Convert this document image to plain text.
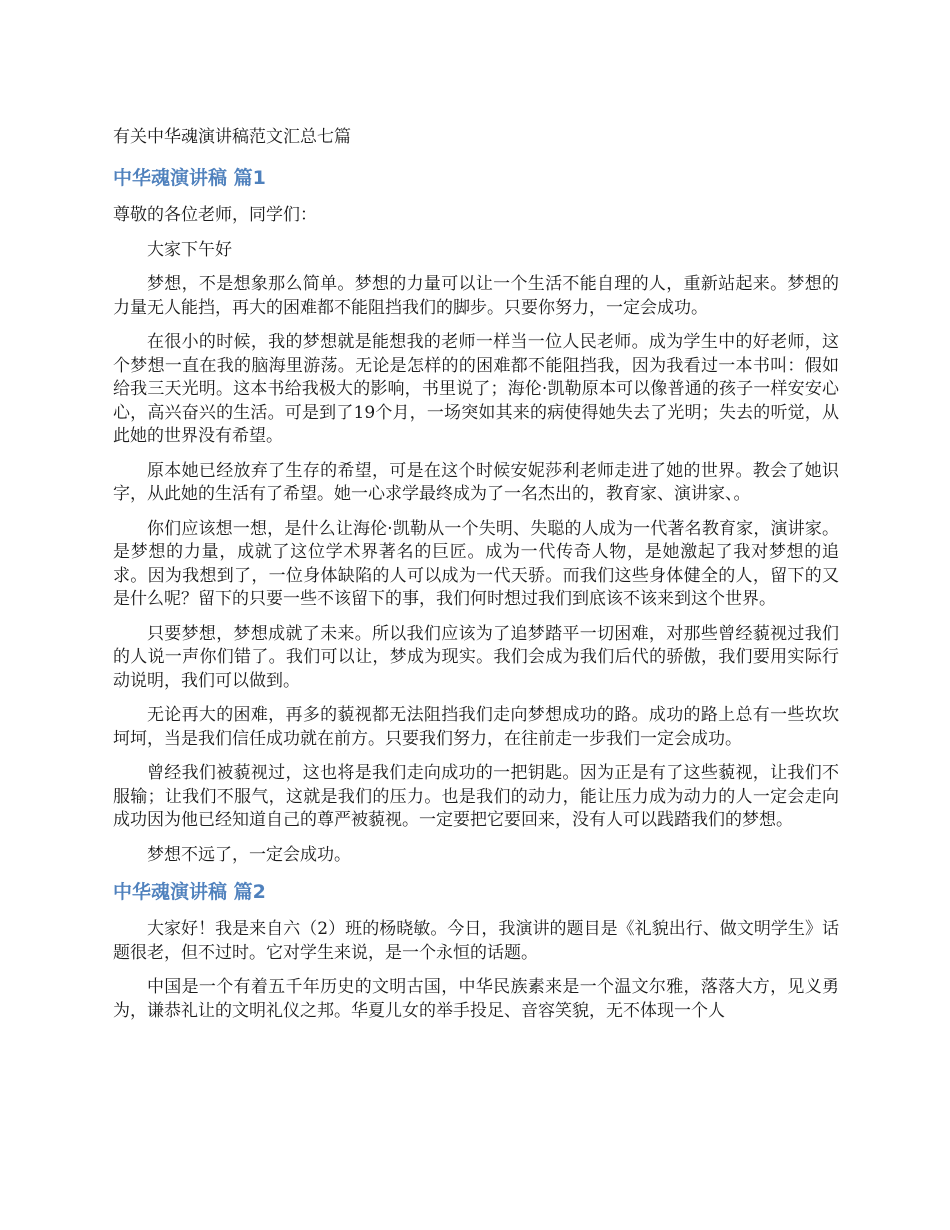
有关中华魂演讲稿范文汇总七篇
中华魂演讲稿 篇1

尊敬的各位老师，同学们：

大家下午好

梦想，不是想象那么简单。梦想的力量可以让一个生活不能自理的人，重新站起来。梦想的力量无人能挡，再大的困难都不能阻挡我们的脚步。只要你努力，一定会成功。

在很小的时候，我的梦想就是能想我的老师一样当一位人民老师。成为学生中的好老师，这个梦想一直在我的脑海里游荡。无论是怎样的的困难都不能阻挡我，因为我看过一本书叫：假如给我三天光明。这本书给我极大的影响，书里说了；海伦·凯勒原本可以像普通的孩子一样安安心心，高兴奋兴的生活。可是到了19个月，一场突如其来的病使得她失去了光明；失去的听觉，从此她的世界没有希望。

原本她已经放弃了生存的希望，可是在这个时候安妮莎利老师走进了她的世界。教会了她识字，从此她的生活有了希望。她一心求学最终成为了一名杰出的，教育家、演讲家、。

你们应该想一想，是什么让海伦·凯勒从一个失明、失聪的人成为一代著名教育家，演讲家。是梦想的力量，成就了这位学术界著名的巨匠。成为一代传奇人物，是她激起了我对梦想的追求。因为我想到了，一位身体缺陷的人可以成为一代天骄。而我们这些身体健全的人，留下的又是什么呢？留下的只要一些不该留下的事，我们何时想过我们到底该不该来到这个世界。

只要梦想，梦想成就了未来。所以我们应该为了追梦踏平一切困难，对那些曾经藐视过我们的人说一声你们错了。我们可以让，梦成为现实。我们会成为我们后代的骄傲，我们要用实际行动说明，我们可以做到。

无论再大的困难，再多的藐视都无法阻挡我们走向梦想成功的路。成功的路上总有一些坎坎坷坷，当是我们信任成功就在前方。只要我们努力，在往前走一步我们一定会成功。

曾经我们被藐视过，这也将是我们走向成功的一把钥匙。因为正是有了这些藐视，让我们不服输；让我们不服气，这就是我们的压力。也是我们的动力，能让压力成为动力的人一定会走向成功因为他已经知道自己的尊严被藐视。一定要把它要回来，没有人可以践踏我们的梦想。

梦想不远了，一定会成功。

中华魂演讲稿 篇2

大家好！我是来自六（2）班的杨晓敏。今日，我演讲的题目是《礼貌出行、做文明学生》话题很老，但不过时。它对学生来说，是一个永恒的话题。

中国是一个有着五千年历史的文明古国，中华民族素来是一个温文尔雅，落落大方，见义勇为，谦恭礼让的文明礼仪之邦。华夏儿女的举手投足、音容笑貌，无不体现一个人
